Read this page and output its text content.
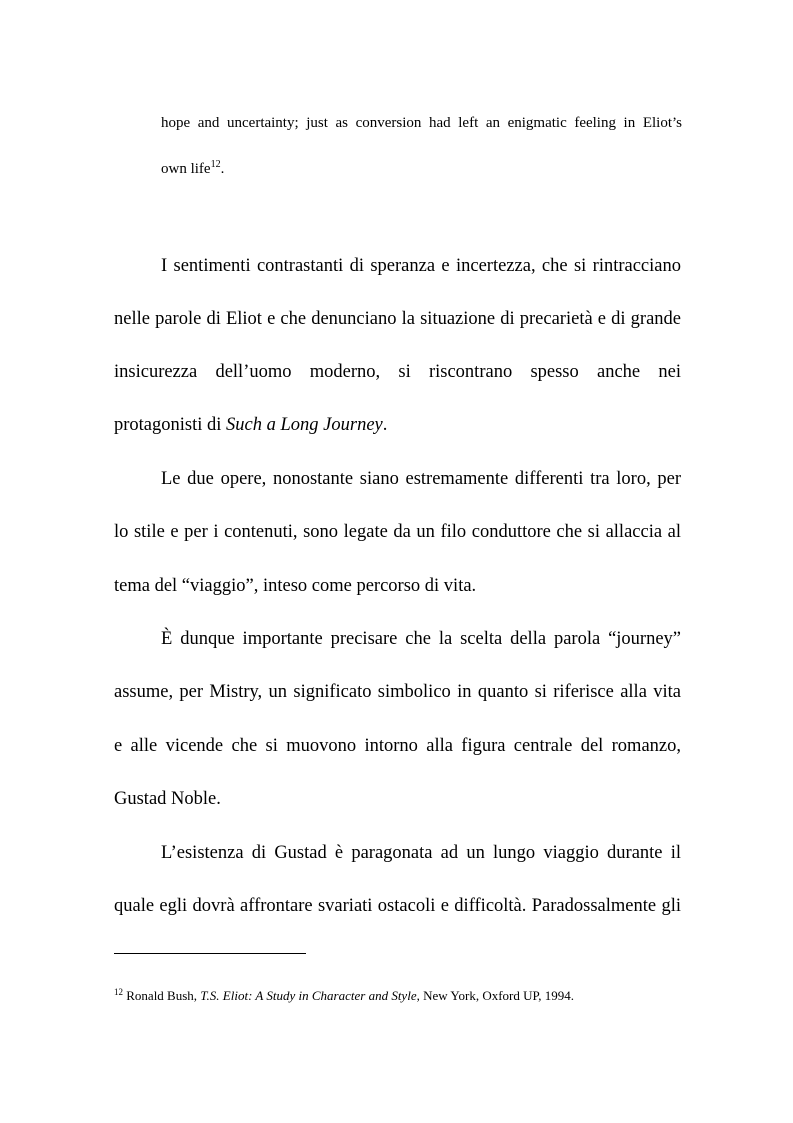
hope and uncertainty; just as conversion had left an enigmatic feeling in Eliot’s
own life$^{12}$.
I sentimenti contrastanti di speranza e incertezza, che si rintracciano
nelle parole di Eliot e che denunciano la situazione di precarietà e di grande
insicurezza dell’uomo moderno, si riscontrano spesso anche nei
protagonisti di Such a Long Journey.
Le due opere, nonostante siano estremamente differenti tra loro, per
lo stile e per i contenuti, sono legate da un filo conduttore che si allaccia al
tema del “viaggio”, inteso come percorso di vita.
È dunque importante precisare che la scelta della parola “journey”
assume, per Mistry, un significato simbolico in quanto si riferisce alla vita
e alle vicende che si muovono intorno alla figura centrale del romanzo,
Gustad Noble.
L’esistenza di Gustad è paragonata ad un lungo viaggio durante il
quale egli dovrà affrontare svariati ostacoli e difficoltà. Paradossalmente gli
$^{12}$ Ronald Bush, T.S. Eliot: A Study in Character and Style, New York, Oxford UP, 1994.
